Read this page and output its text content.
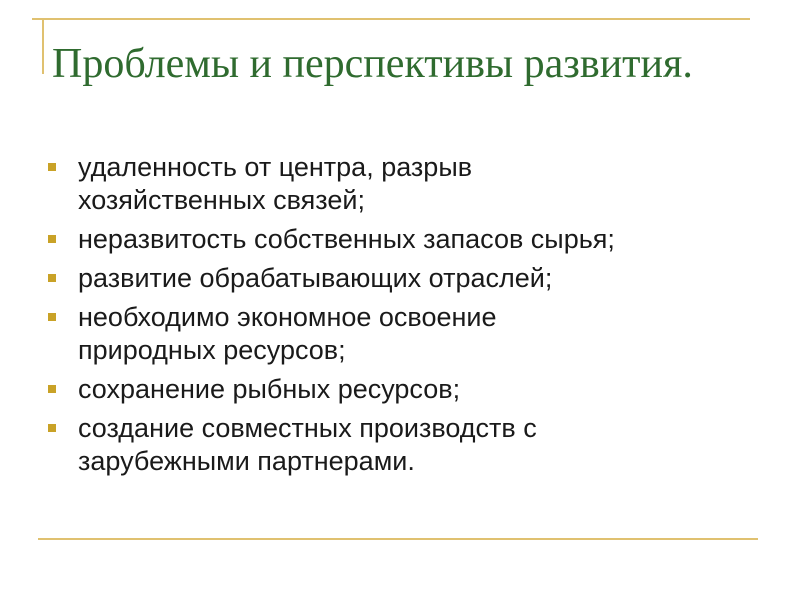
Проблемы и перспективы развития.
удаленность от центра, разрыв
хозяйственных связей;
неразвитость собственных запасов сырья;
развитие обрабатывающих отраслей;
необходимо экономное освоение
природных ресурсов;
сохранение рыбных ресурсов;
создание совместных производств с
зарубежными партнерами.
